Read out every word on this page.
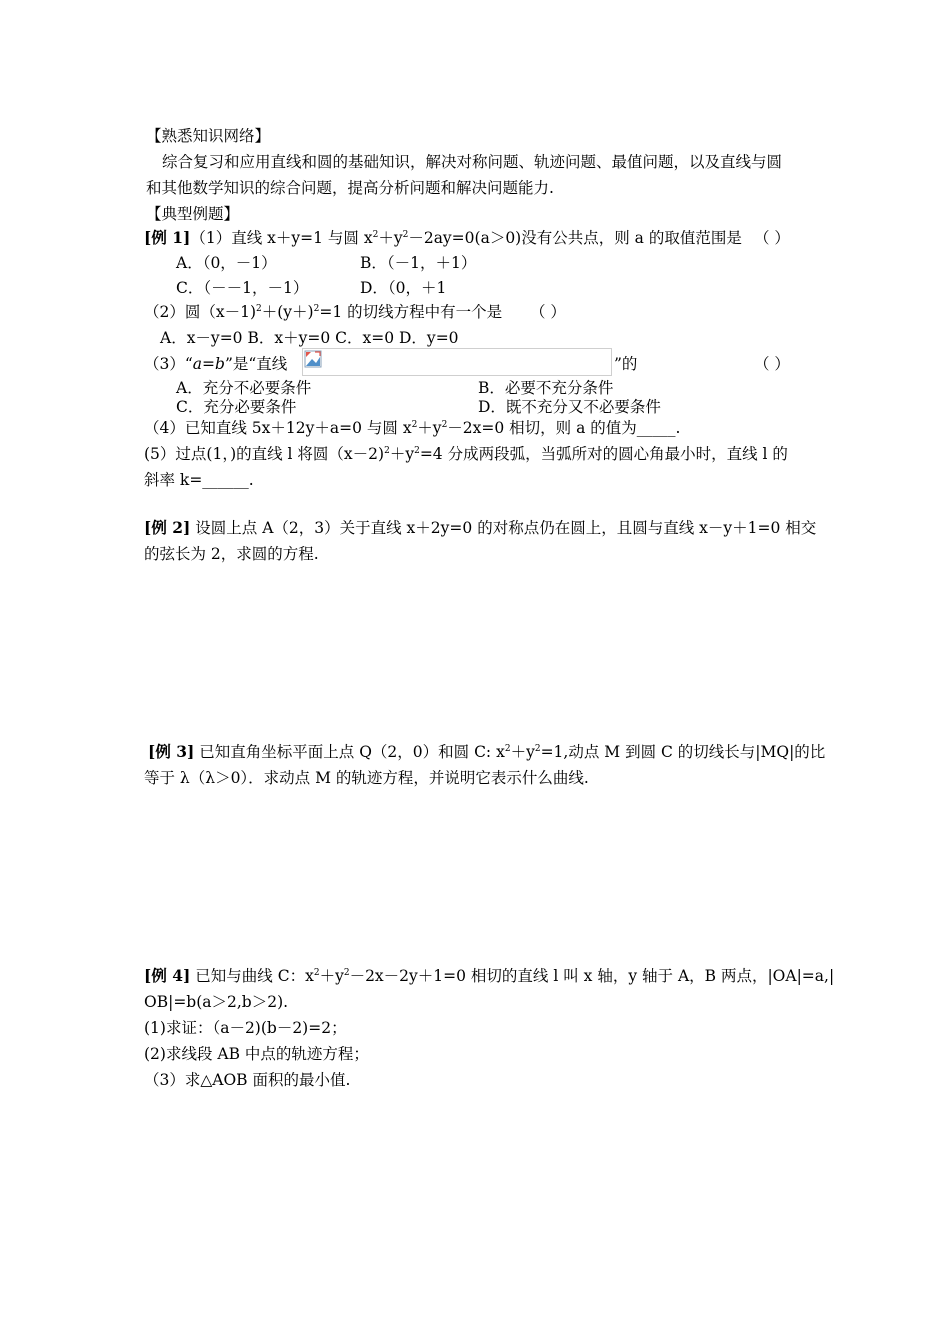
【熟悉知识网络】
综合复习和应用直线和圆的基础知识，解决对称问题、轨迹问题、最值问题，以及直线与圆
和其他数学知识的综合问题，提高分析问题和解决问题能力.
【典型例题】
[例 1]（1）直线 x＋y=1 与圆 $x^2+y^2-2ay=0(a>0)$没有公共点，则 a 的取值范围是 （ ）
A．（0，－1）	B．（－1，＋1）
C．（－－1，－1）	D．（0，＋1
（2）圆$(x-1)^2+(y+)^2=1$ 的切线方程中有一个是 （ ）
A．x－y=0 B．x＋y=0 C．x=0 D．y=0
（3）“a=b”是“直线	”的	（ ）
A．充分不必要条件	B．必要不充分条件
C．充分必要条件	D．既不充分又不必要条件
（4）已知直线 5x＋12y＋a=0 与圆 $x^2+y^2-2x=0$ 相切，则 a 的值为_____.
(5）过点(1，)的直线 l 将圆$(x-2)^2+y^2=4$ 分成两段弧，当弧所对的圆心角最小时，直线 l 的
斜率 k=______.
[例 2] 设圆上点 A（2，3）关于直线 x＋2y=0 的对称点仍在圆上，且圆与直线 x－y＋1=0 相交
的弦长为 2，求圆的方程.
[例 3] 已知直角坐标平面上点 Q（2，0）和圆 C: $x^2+y^2=1$,动点 M 到圆 C 的切线长与|MQ|的比
等于 λ（λ＞0）．求动点 M 的轨迹方程，并说明它表示什么曲线.
[例 4] 已知与曲线 C：$x^2+y^2-2x-2y+1=0$ 相切的直线 l 叫 x 轴，y 轴于 A，B 两点，|OA|=a,|
OB|=b(a＞2,b＞2).
(1)求证：（a－2)(b－2)=2；
(2)求线段 AB 中点的轨迹方程；
（3）求△AOB 面积的最小值.
